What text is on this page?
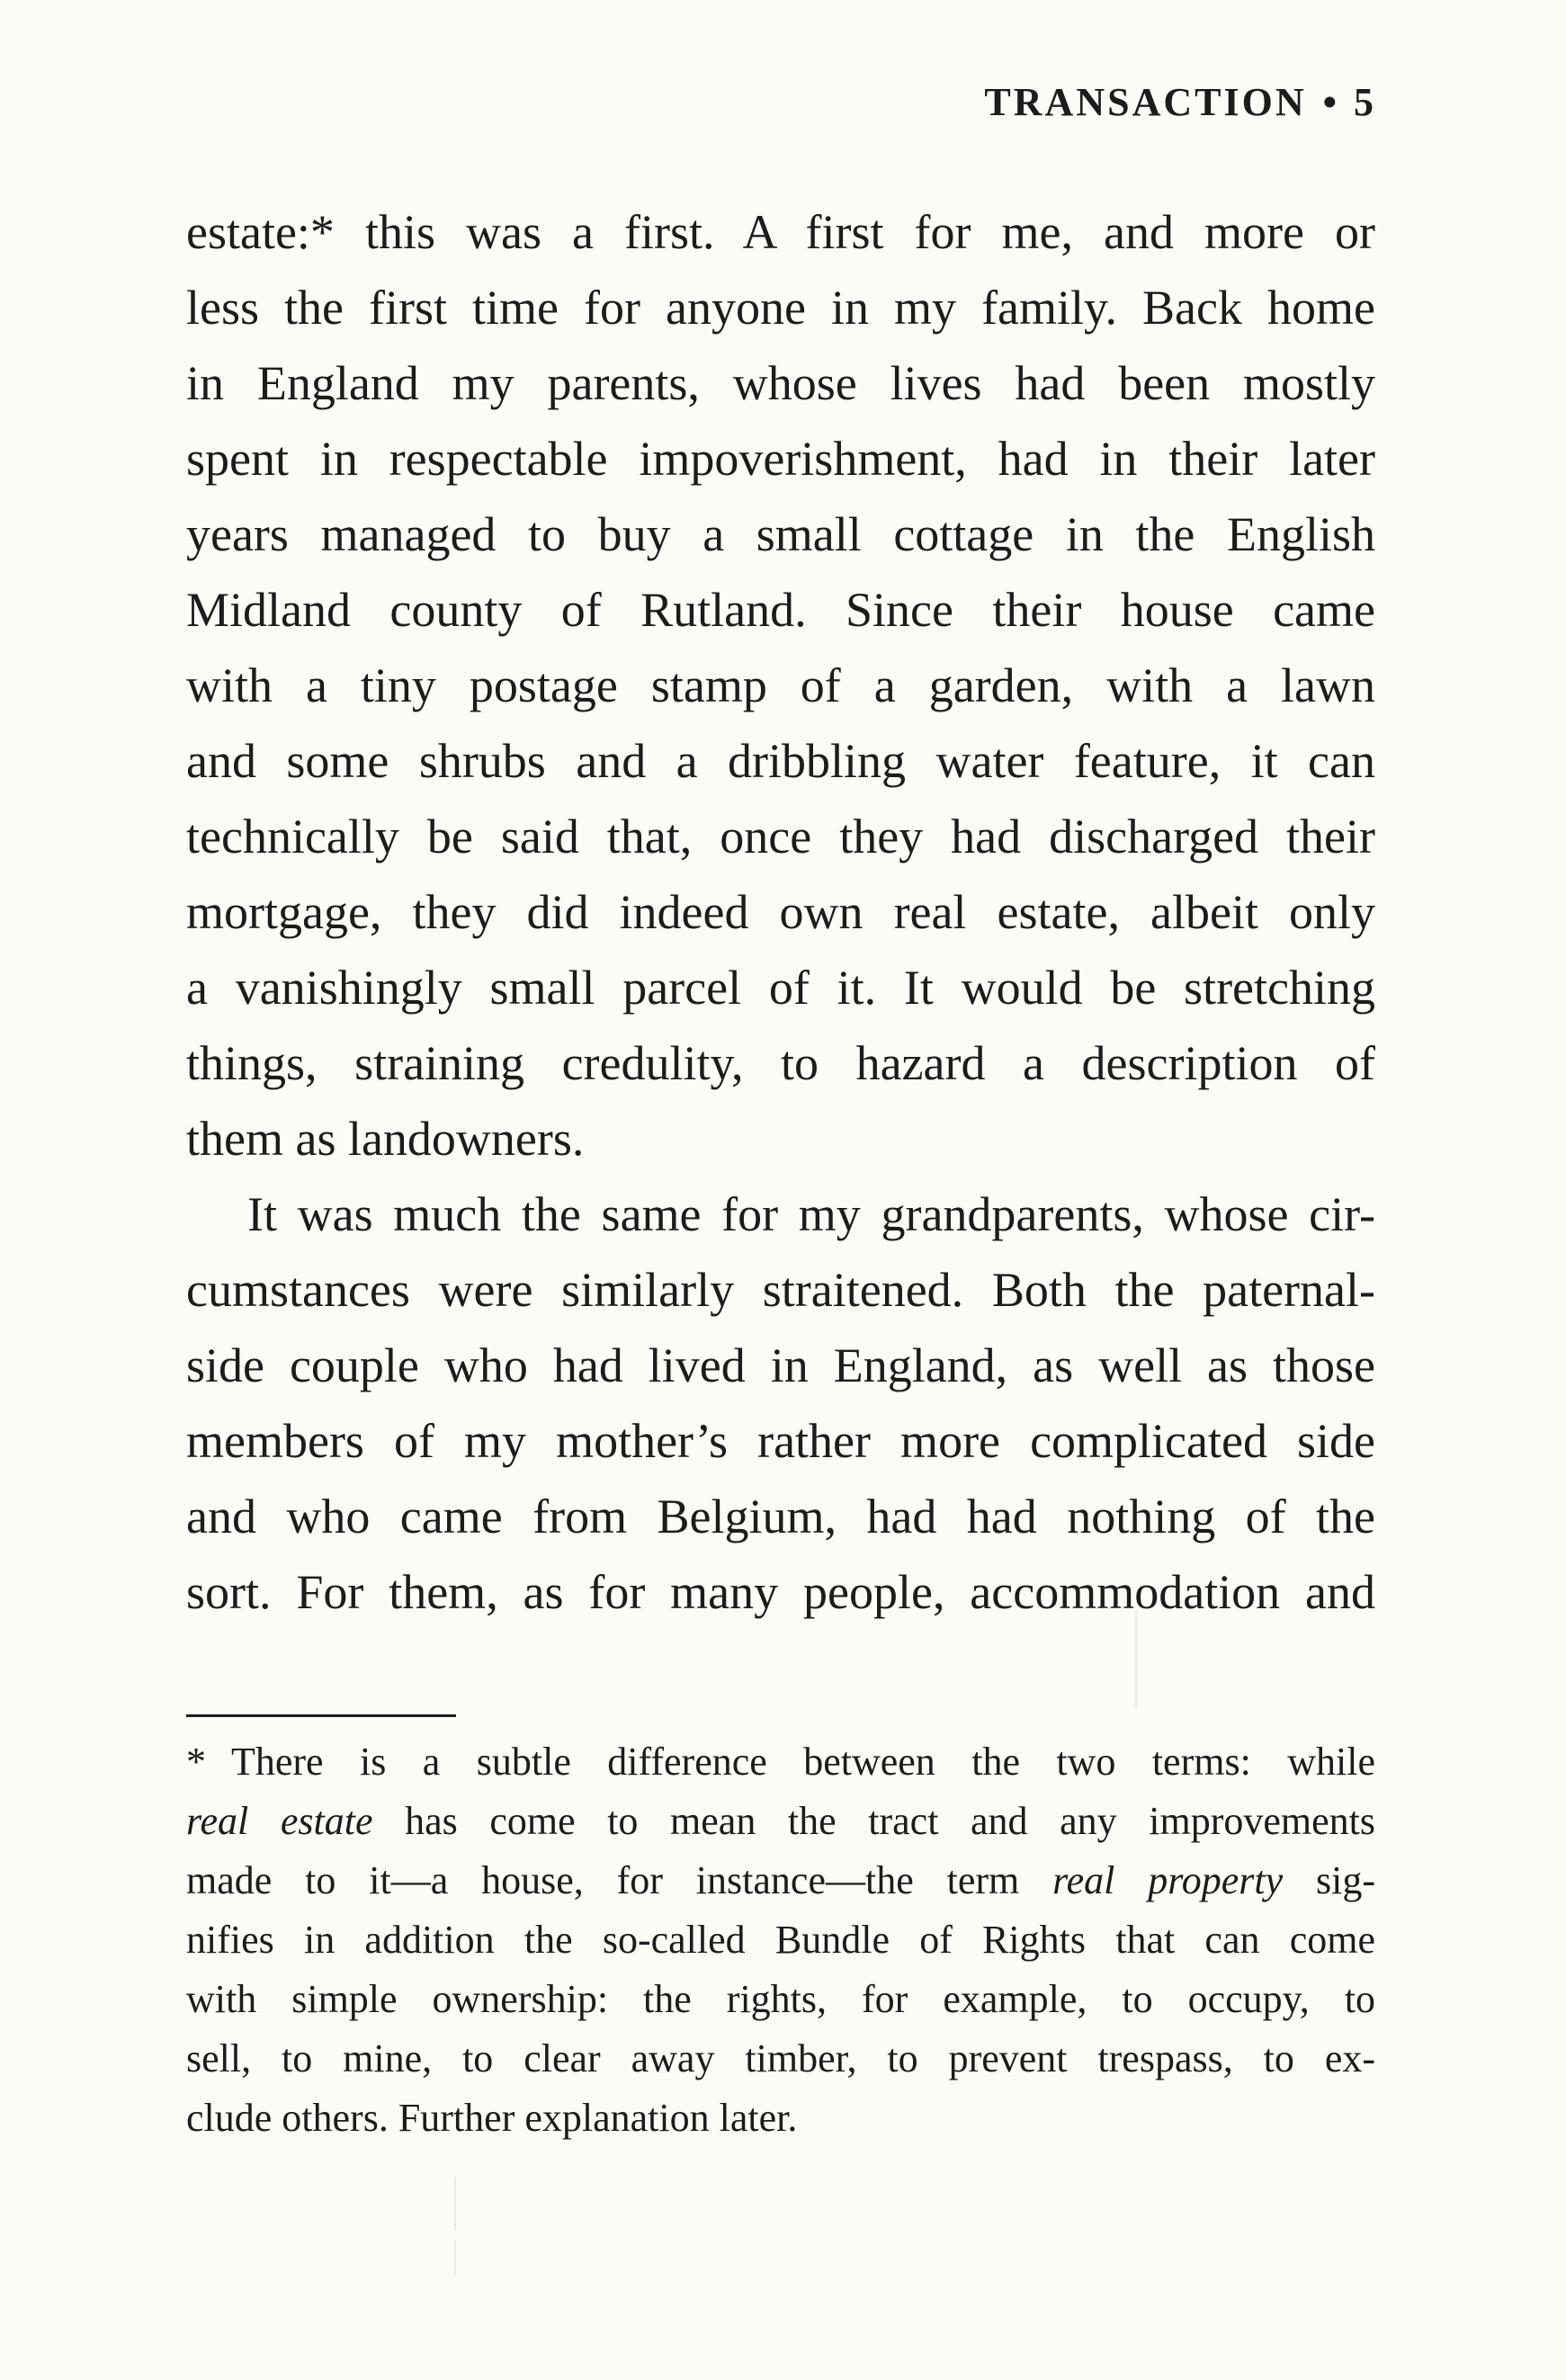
TRANSACTION • 5
estate:* this was a first. A first for me, and more or
less the first time for anyone in my family. Back home
in England my parents, whose lives had been mostly
spent in respectable impoverishment, had in their later
years managed to buy a small cottage in the English
Midland county of Rutland. Since their house came
with a tiny postage stamp of a garden, with a lawn
and some shrubs and a dribbling water feature, it can
technically be said that, once they had discharged their
mortgage, they did indeed own real estate, albeit only
a vanishingly small parcel of it. It would be stretching
things, straining credulity, to hazard a description of
them as landowners.
It was much the same for my grandparents, whose cir-
cumstances were similarly straitened. Both the paternal-
side couple who had lived in England, as well as those
members of my mother’s rather more complicated side
and who came from Belgium, had had nothing of the
sort. For them, as for many people, accommodation and
* There is a subtle difference between the two terms: while
real estate has come to mean the tract and any improvements
made to it—a house, for instance—the term real property sig-
nifies in addition the so-called Bundle of Rights that can come
with simple ownership: the rights, for example, to occupy, to
sell, to mine, to clear away timber, to prevent trespass, to ex-
clude others. Further explanation later.
